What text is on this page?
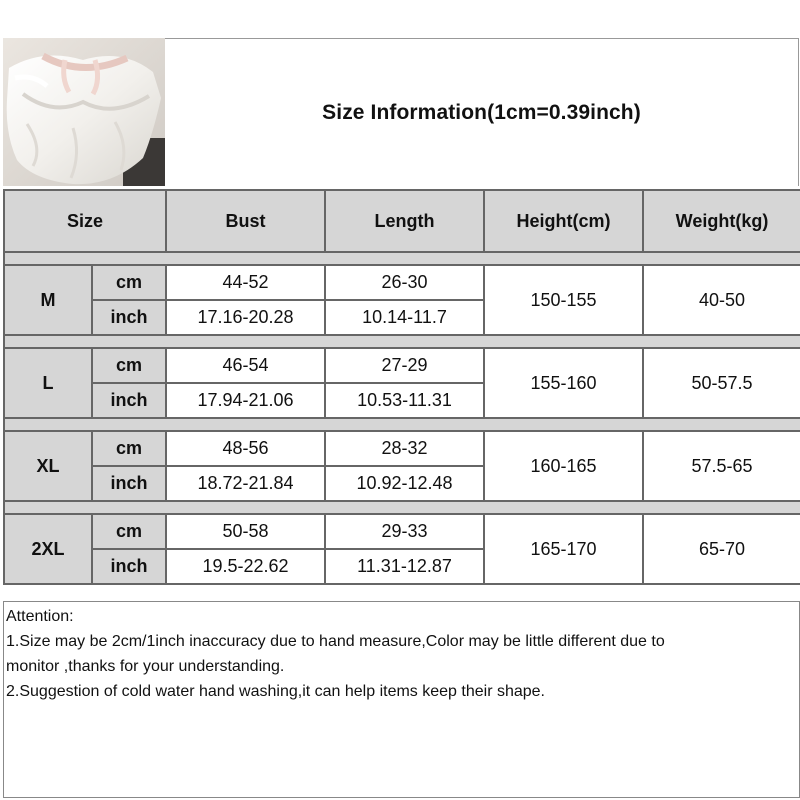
Size Information(1cm=0.39inch)
Size		Bust	Length	Height(cm)	Weight(kg)

M	cm	44-52	26-30	150-155	40-50
	inch	17.16-20.28	10.14-11.7		

L	cm	46-54	27-29	155-160	50-57.5
	inch	17.94-21.06	10.53-11.31		

XL	cm	48-56	28-32	160-165	57.5-65
	inch	18.72-21.84	10.92-12.48		

2XL	cm	50-58	29-33	165-170	65-70
	inch	19.5-22.62	11.31-12.87		
Attention:
1.Size may be 2cm/1inch inaccuracy due to hand measure,Color may be little different due to
monitor ,thanks for your understanding.
2.Suggestion of cold water hand washing,it can help items keep their shape.
